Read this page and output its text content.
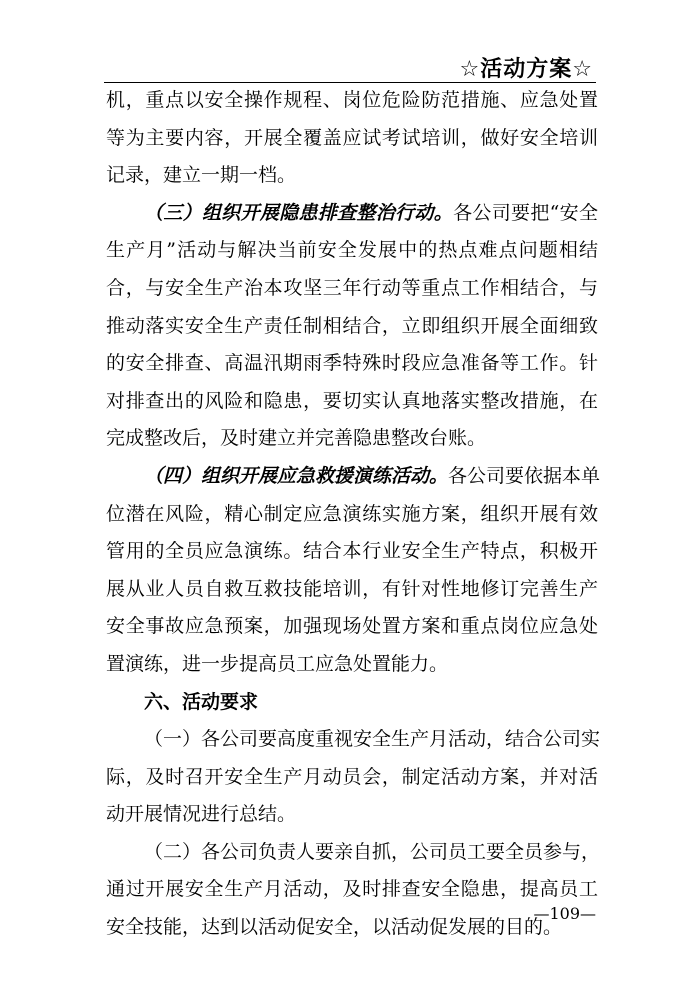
☆活动方案☆
机，重点以安全操作规程、岗位危险防范措施、应急处置
等为主要内容，开展全覆盖应试考试培训，做好安全培训
记录，建立一期一档。
（三）组织开展隐患排查整治行动。各公司要把“安全
生产月”活动与解决当前安全发展中的热点难点问题相结
合，与安全生产治本攻坚三年行动等重点工作相结合，与
推动落实安全生产责任制相结合，立即组织开展全面细致
的安全排查、高温汛期雨季特殊时段应急准备等工作。针
对排查出的风险和隐患，要切实认真地落实整改措施，在
完成整改后，及时建立并完善隐患整改台账。
（四）组织开展应急救援演练活动。各公司要依据本单
位潜在风险，精心制定应急演练实施方案，组织开展有效
管用的全员应急演练。结合本行业安全生产特点，积极开
展从业人员自救互救技能培训，有针对性地修订完善生产
安全事故应急预案，加强现场处置方案和重点岗位应急处
置演练，进一步提高员工应急处置能力。
六、活动要求
（一）各公司要高度重视安全生产月活动，结合公司实
际，及时召开安全生产月动员会，制定活动方案，并对活
动开展情况进行总结。
（二）各公司负责人要亲自抓，公司员工要全员参与，
通过开展安全生产月活动，及时排查安全隐患，提高员工
安全技能，达到以活动促安全，以活动促发展的目的。
—109—
